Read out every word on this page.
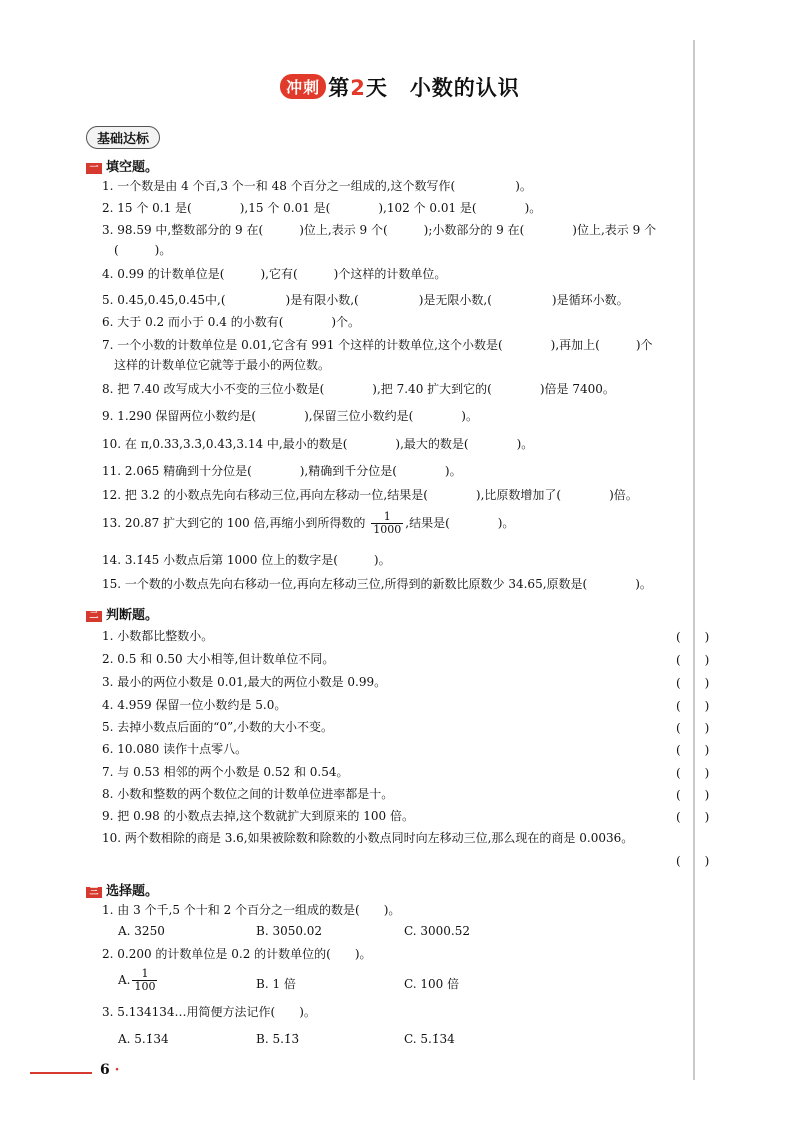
冲刺 第2天 小数的认识
基础达标
一 填空题。
1. 一个数是由 4 个百,3 个一和 48 个百分之一组成的,这个数写作(　　　　　)。
2. 15 个 0.1 是(　　　　),15 个 0.01 是(　　　　),102 个 0.01 是(　　　　)。
3. 98.59 中,整数部分的 9 在(　　　)位上,表示 9 个(　　　);小数部分的 9 在(　　　　)位上,表示 9 个
(　　　)。
4. 0.99 的计数单位是(　　　),它有(　　　)个这样的计数单位。
5. 0.45,0.45̇,0.4̇5̇中,(　　　　　)是有限小数,(　　　　　)是无限小数,(　　　　　)是循环小数。
6. 大于 0.2 而小于 0.4 的小数有(　　　　)个。
7. 一个小数的计数单位是 0.01,它含有 991 个这样的计数单位,这个小数是(　　　　),再加上(　　　)个
这样的计数单位它就等于最小的两位数。
8. 把 7.40 改写成大小不变的三位小数是(　　　　),把 7.40 扩大到它的(　　　　)倍是 7400。
9. 1.290 保留两位小数约是(　　　　),保留三位小数约是(　　　　)。
10. 在 π,0.33,3.3̇,0.4̇3̇,3.14 中,最小的数是(　　　　),最大的数是(　　　　)。
11. 2.06̇5̇ 精确到十分位是(　　　　),精确到千分位是(　　　　)。
12. 把 3.2 的小数点先向右移动三位,再向左移动一位,结果是(　　　　),比原数增加了(　　　　)倍。
13. 20.87 扩大到它的 100 倍,再缩小到所得数的 $\frac{1}{1000}$ ,结果是(　　　　)。
14. 3.1̇45̇ 小数点后第 1000 位上的数字是(　　　)。
15. 一个数的小数点先向右移动一位,再向左移动三位,所得到的新数比原数少 34.65,原数是(　　　　)。
二 判断题。
1. 小数都比整数小。	(　　)
2. 0.5 和 0.50 大小相等,但计数单位不同。	(　　)
3. 最小的两位小数是 0.01,最大的两位小数是 0.99。	(　　)
4. 4.959 保留一位小数约是 5.0。	(　　)
5. 去掉小数点后面的“0”,小数的大小不变。	(　　)
6. 10.080 读作十点零八。	(　　)
7. 与 0.53 相邻的两个小数是 0.52 和 0.54。	(　　)
8. 小数和整数的两个数位之间的计数单位进率都是十。	(　　)
9. 把 0.98 的小数点去掉,这个数就扩大到原来的 100 倍。	(　　)
10. 两个数相除的商是 3.6,如果被除数和除数的小数点同时向左移动三位,那么现在的商是 0.0036。
(　　)
三 选择题。
1. 由 3 个千,5 个十和 2 个百分之一组成的数是(　　)。
A. 3250	B. 3050.02	C. 3000.52
2. 0.200 的计数单位是 0.2 的计数单位的(　　)。
A. $\frac{1}{100}$	B. 1 倍	C. 100 倍
3. 5.134134…用简便方法记作(　　)。
A. 5.1̇34̇	B. 5.1̇3̇	C. 5.1̇34̇
6 ·
